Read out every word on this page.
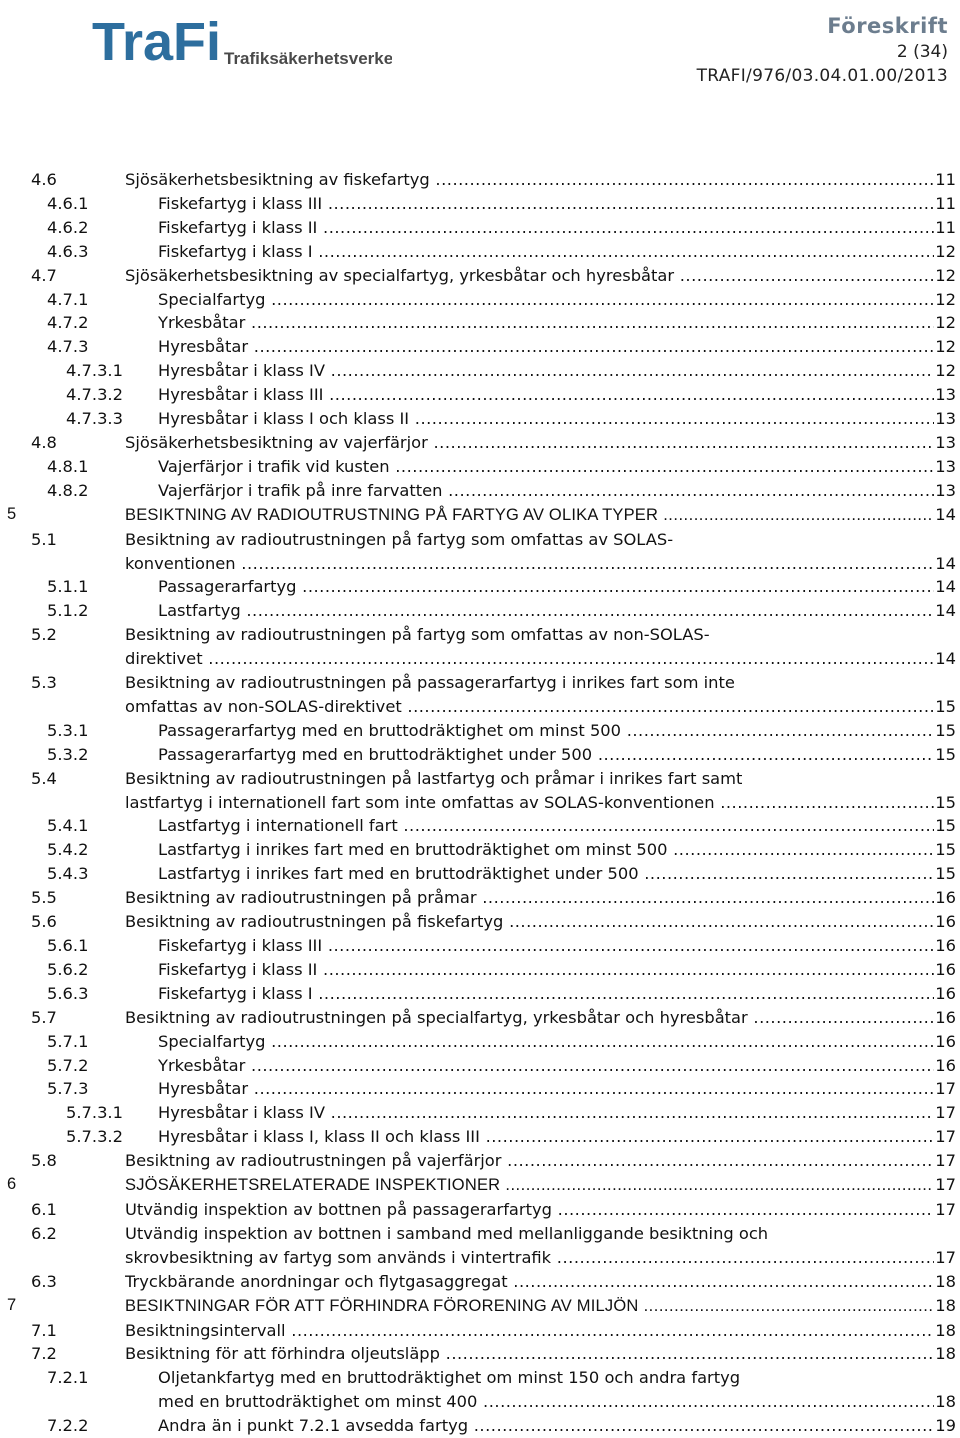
TraFi Trafiksäkerhetsverket
Föreskrift
2 (34)
TRAFI/976/03.04.01.00/2013
4.6	Sjösäkerhetsbesiktning av fiskefartyg .....	11
4.6.1	Fiskefartyg i klass III .....	11
4.6.2	Fiskefartyg i klass II .....	11
4.6.3	Fiskefartyg i klass I .....	12
4.7	Sjösäkerhetsbesiktning av specialfartyg, yrkesbåtar och hyresbåtar .....	12
4.7.1	Specialfartyg .....	12
4.7.2	Yrkesbåtar .....	12
4.7.3	Hyresbåtar .....	12
4.7.3.1 Hyresbåtar i klass IV .....	12
4.7.3.2 Hyresbåtar i klass III .....	13
4.7.3.3 Hyresbåtar i klass I och klass II .....	13
4.8	Sjösäkerhetsbesiktning av vajerfärjor .....	13
4.8.1	Vajerfärjor i trafik vid kusten .....	13
4.8.2	Vajerfärjor i trafik på inre farvatten .....	13
5	BESIKTNING AV RADIOUTRUSTNING PÅ FARTYG AV OLIKA TYPER .....	14
5.1	Besiktning av radioutrustningen på fartyg som omfattas av SOLAS-
konventionen .....	14
5.1.1	Passagerarfartyg .....	14
5.1.2	Lastfartyg .....	14
5.2	Besiktning av radioutrustningen på fartyg som omfattas av non-SOLAS-
direktivet .....	14
5.3	Besiktning av radioutrustningen på passagerarfartyg i inrikes fart som inte
omfattas av non-SOLAS-direktivet .....	15
5.3.1	Passagerarfartyg med en bruttodräktighet om minst 500 .....	15
5.3.2	Passagerarfartyg med en bruttodräktighet under 500 .....	15
5.4	Besiktning av radioutrustningen på lastfartyg och pråmar i inrikes fart samt
lastfartyg i internationell fart som inte omfattas av SOLAS-konventionen .....	15
5.4.1	Lastfartyg i internationell fart .....	15
5.4.2	Lastfartyg i inrikes fart med en bruttodräktighet om minst 500 .....	15
5.4.3	Lastfartyg i inrikes fart med en bruttodräktighet under 500 .....	15
5.5	Besiktning av radioutrustningen på pråmar .....	16
5.6	Besiktning av radioutrustningen på fiskefartyg .....	16
5.6.1	Fiskefartyg i klass III .....	16
5.6.2	Fiskefartyg i klass II .....	16
5.6.3	Fiskefartyg i klass I .....	16
5.7	Besiktning av radioutrustningen på specialfartyg, yrkesbåtar och hyresbåtar .....	16
5.7.1	Specialfartyg .....	16
5.7.2	Yrkesbåtar .....	16
5.7.3	Hyresbåtar .....	17
5.7.3.1 Hyresbåtar i klass IV .....	17
5.7.3.2 Hyresbåtar i klass I, klass II och klass III .....	17
5.8	Besiktning av radioutrustningen på vajerfärjor .....	17
6	SJÖSÄKERHETSRELATERADE INSPEKTIONER .....	17
6.1	Utvändig inspektion av bottnen på passagerarfartyg .....	17
6.2	Utvändig inspektion av bottnen i samband med mellanliggande besiktning och
skrovbesiktning av fartyg som används i vintertrafik .....	17
6.3	Tryckbärande anordningar och flytgasaggregat .....	18
7	BESIKTNINGAR FÖR ATT FÖRHINDRA FÖRORENING AV MILJÖN .....	18
7.1	Besiktningsintervall .....	18
7.2	Besiktning för att förhindra oljeutsläpp .....	18
7.2.1	Oljetankfartyg med en bruttodräktighet om minst 150 och andra fartyg
med en bruttodräktighet om minst 400 .....	18
7.2.2	Andra än i punkt 7.2.1 avsedda fartyg .....	19
